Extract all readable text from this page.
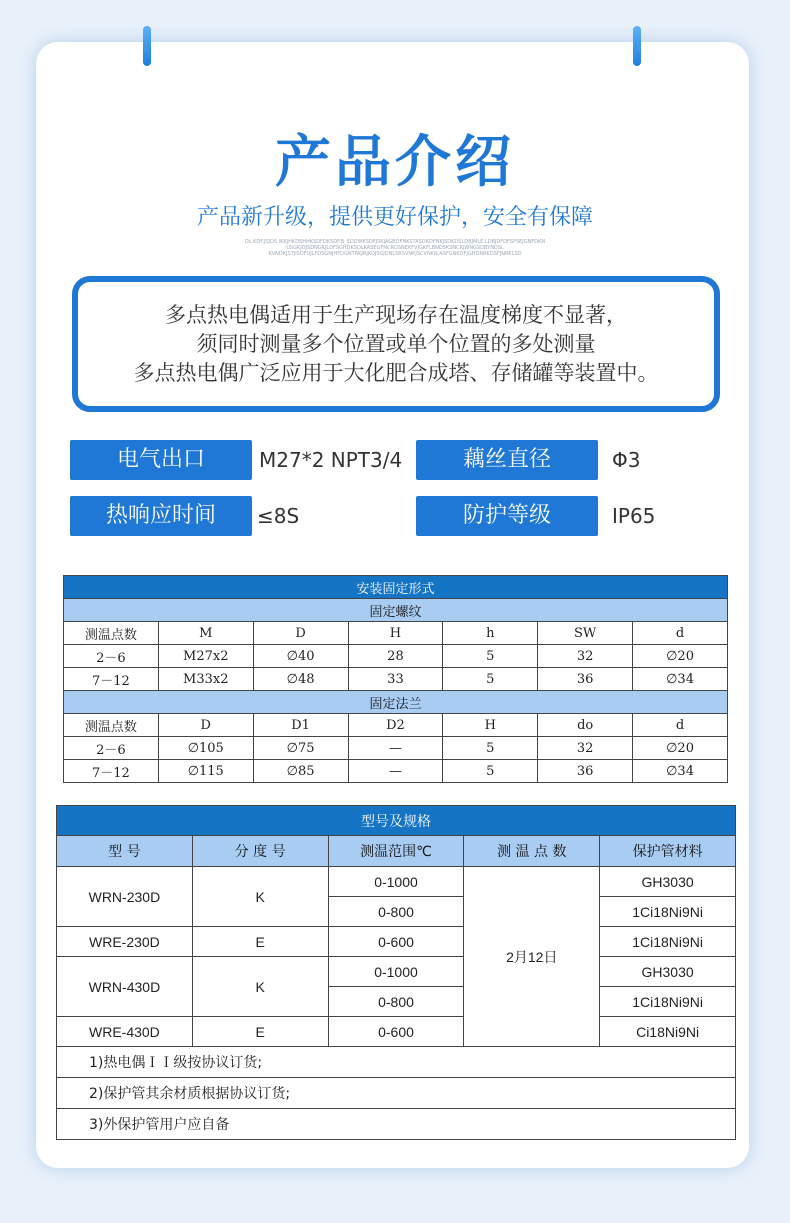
产品介绍
产品新升级，提供更好保护，安全有保障
DL.KDF.JSJDS.IKKJHKDSHHKSDFDKSDF.B_SDDWKSDFJSKJAGBDFNKSTASDKDFNKJSDKDSLDBJMLE.LDBJDFDFSPSEJGNFDKN USGKJDJSDNGKJLDFSGHDKSDLKASEGFNCRDSNEKFVJGKFLBNDSKSNCKJWNGSDBYNDSL KVNDKJSTJISDFUJLFDSGNJHFDGNTRKJRJKOJSGJDNLSRSVNKJSCVNKN,ASFGNKDFJGHDNRKDSFJNRKLSD
多点热电偶适用于生产现场存在温度梯度不显著，
须同时测量多个位置或单个位置的多处测量
多点热电偶广泛应用于大化肥合成塔、存储罐等装置中。
电气出口	M27*2 NPT3/4	藕丝直径	Φ3
热响应时间	≤8S	防护等级	IP65
安装固定形式						
固定螺纹						
测温点数	M	D	H	h	SW	d
2－6	M27x2	∅40	28	5	32	∅20
7－12	M33x2	∅48	33	5	36	∅34
固定法兰						
测温点数	D	D1	D2	H	do	d
2－6	∅105	∅75	—	5	32	∅20
7－12	∅115	∅85	—	5	36	∅34
型号及规格				
型 号	分 度 号	测温范围℃	测 温 点 数	保护管材料
WRN-230D	K	0-1000	2月12日	GH3030
		0-800		1Ci18Ni9Ni
WRE-230D	E	0-600		1Ci18Ni9Ni
WRN-430D	K	0-1000		GH3030
		0-800		1Ci18Ni9Ni
WRE-430D	E	0-600		Ci18Ni9Ni
1)热电偶ＩＩ级按协议订货;				
2)保护管其余材质根据协议订货;				
3)外保护管用户应自备				
